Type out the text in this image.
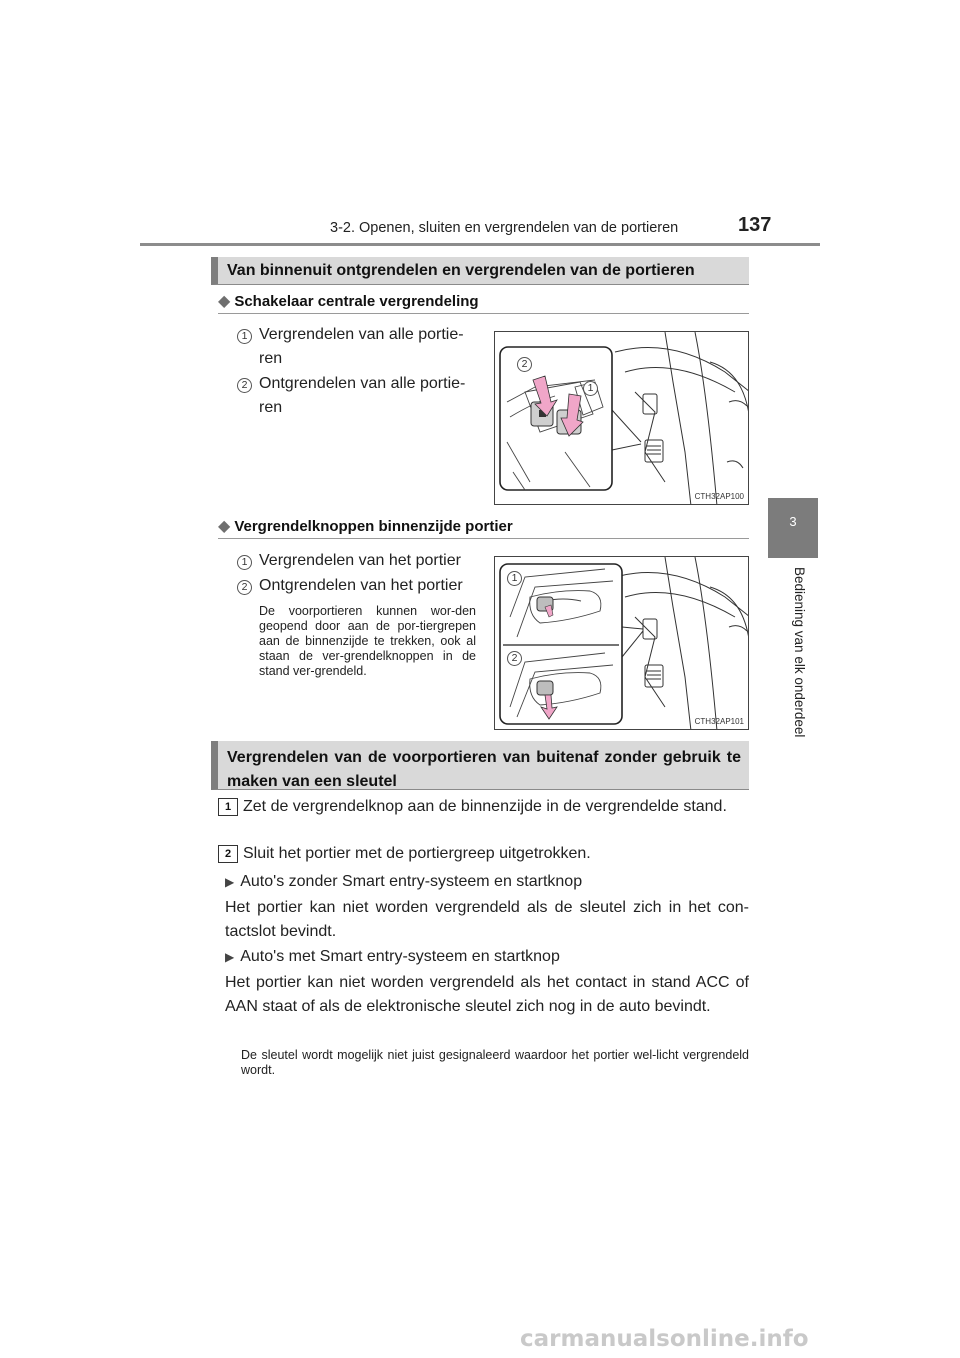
3-2. Openen, sluiten en vergrendelen van de portieren	137
3
Bediening van elk onderdeel
Van binnenuit ontgrendelen en vergrendelen van de portieren
◆ Schakelaar centrale vergrendeling
1 Vergrendelen van alle portie-
ren
2 Ontgrendelen van alle portie-
ren
2
1
CTH32AP100
◆ Vergrendelknoppen binnenzijde portier
1 Vergrendelen van het portier
2 Ontgrendelen van het portier
De voorportieren kunnen wor-den geopend door aan de por-tiergrepen aan de binnenzijde te trekken, ook al staan de ver-grendelknoppen in de stand ver-grendeld.
1
2
CTH32AP101
Vergrendelen van de voorportieren van buitenaf zonder gebruik te maken van een sleutel
1 Zet de vergrendelknop aan de binnenzijde in de vergrendelde stand.
2 Sluit het portier met de portiergreep uitgetrokken.
▶ Auto's zonder Smart entry-systeem en startknop
Het portier kan niet worden vergrendeld als de sleutel zich in het con-tactslot bevindt.
▶ Auto's met Smart entry-systeem en startknop
Het portier kan niet worden vergrendeld als het contact in stand ACC of AAN staat of als de elektronische sleutel zich nog in de auto bevindt.
De sleutel wordt mogelijk niet juist gesignaleerd waardoor het portier wel-licht vergrendeld wordt.
carmanualsonline.info
